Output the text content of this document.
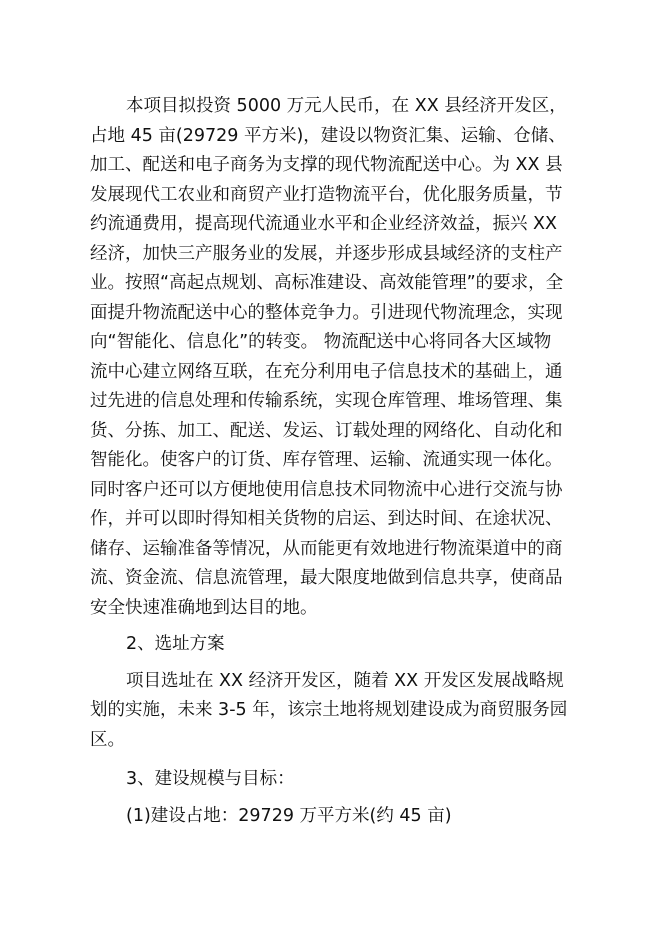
本项目拟投资 5000 万元人民币，在 XX 县经济开发区，
占地 45 亩(29729 平方米)，建设以物资汇集、运输、仓储、
加工、配送和电子商务为支撑的现代物流配送中心。为 XX 县
发展现代工农业和商贸产业打造物流平台，优化服务质量，节
约流通费用，提高现代流通业水平和企业经济效益，振兴 XX
经济，加快三产服务业的发展，并逐步形成县域经济的支柱产
业。按照“高起点规划、高标准建设、高效能管理”的要求，全
面提升物流配送中心的整体竞争力。引进现代物流理念，实现
向“智能化、信息化”的转变。 物流配送中心将同各大区域物
流中心建立网络互联，在充分利用电子信息技术的基础上，通
过先进的信息处理和传输系统，实现仓库管理、堆场管理、集
货、分拣、加工、配送、发运、订载处理的网络化、自动化和
智能化。使客户的订货、库存管理、运输、流通实现一体化。
同时客户还可以方便地使用信息技术同物流中心进行交流与协
作，并可以即时得知相关货物的启运、到达时间、在途状况、
储存、运输准备等情况，从而能更有效地进行物流渠道中的商
流、资金流、信息流管理，最大限度地做到信息共享，使商品
安全快速准确地到达目的地。
2、选址方案
项目选址在 XX 经济开发区，随着 XX 开发区发展战略规
划的实施，未来 3-5 年，该宗土地将规划建设成为商贸服务园
区。
3、建设规模与目标：
(1)建设占地：29729 万平方米(约 45 亩)
